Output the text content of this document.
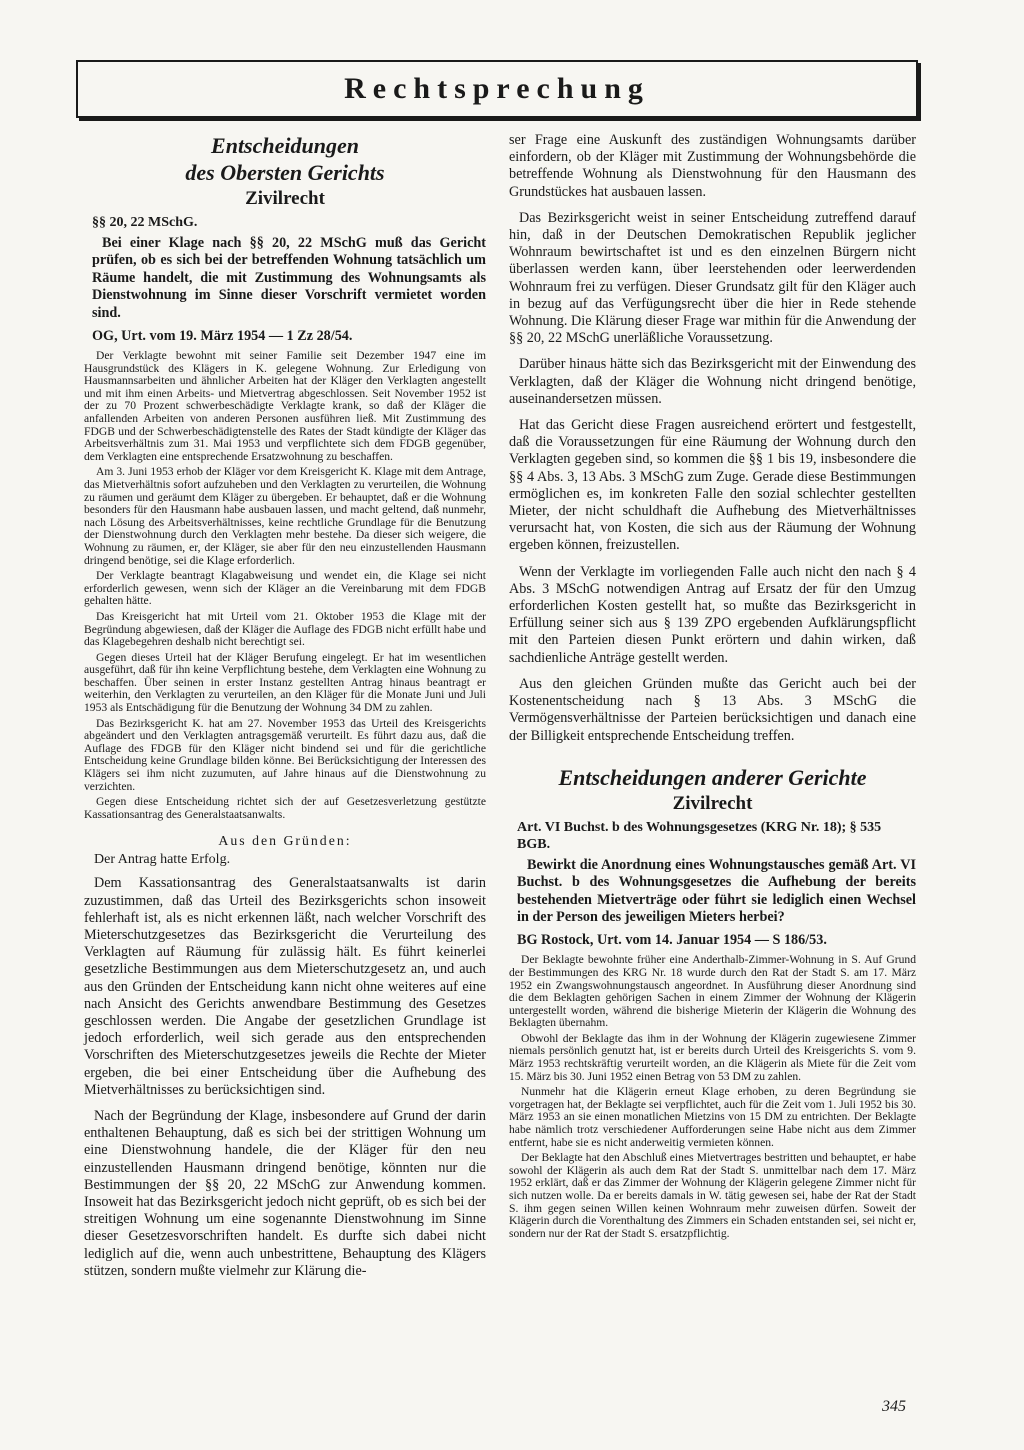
Rechtsprechung

Entscheidungen

des Obersten Gerichts

Zivilrecht

§§ 20, 22 MSchG.

Bei einer Klage nach §§ 20, 22 MSchG muß das Gericht prüfen, ob es sich bei der betreffenden Wohnung tatsächlich um Räume handelt, die mit Zustimmung des Wohnungsamts als Dienstwohnung im Sinne dieser Vorschrift vermietet worden sind.

OG, Urt. vom 19. März 1954 — 1 Zz 28/54.

Der Verklagte bewohnt mit seiner Familie seit Dezember 1947 eine im Hausgrundstück des Klägers in K. gelegene Wohnung. Zur Erledigung von Hausmannsarbeiten und ähnlicher Arbeiten hat der Kläger den Verklagten angestellt und mit ihm einen Arbeits- und Mietvertrag abgeschlossen. Seit November 1952 ist der zu 70 Prozent schwerbeschädigte Verklagte krank, so daß der Kläger die anfallenden Arbeiten von anderen Personen ausführen ließ. Mit Zustimmung des FDGB und der Schwerbeschädigtenstelle des Rates der Stadt kündigte der Kläger das Arbeitsverhältnis zum 31. Mai 1953 und verpflichtete sich dem FDGB gegenüber, dem Verklagten eine entsprechende Ersatzwohnung zu beschaffen.

Am 3. Juni 1953 erhob der Kläger vor dem Kreisgericht K. Klage mit dem Antrage, das Mietverhältnis sofort aufzuheben und den Verklagten zu verurteilen, die Wohnung zu räumen und geräumt dem Kläger zu übergeben. Er behauptet, daß er die Wohnung besonders für den Hausmann habe ausbauen lassen, und macht geltend, daß nunmehr, nach Lösung des Arbeitsverhältnisses, keine rechtliche Grundlage für die Benutzung der Dienstwohnung durch den Verklagten mehr bestehe. Da dieser sich weigere, die Wohnung zu räumen, er, der Kläger, sie aber für den neu einzustellenden Hausmann dringend benötige, sei die Klage erforderlich.

Der Verklagte beantragt Klagabweisung und wendet ein, die Klage sei nicht erforderlich gewesen, wenn sich der Kläger an die Vereinbarung mit dem FDGB gehalten hätte.

Das Kreisgericht hat mit Urteil vom 21. Oktober 1953 die Klage mit der Begründung abgewiesen, daß der Kläger die Auflage des FDGB nicht erfüllt habe und das Klagebegehren deshalb nicht berechtigt sei.

Gegen dieses Urteil hat der Kläger Berufung eingelegt. Er hat im wesentlichen ausgeführt, daß für ihn keine Verpflichtung bestehe, dem Verklagten eine Wohnung zu beschaffen. Über seinen in erster Instanz gestellten Antrag hinaus beantragt er weiterhin, den Verklagten zu verurteilen, an den Kläger für die Monate Juni und Juli 1953 als Entschädigung für die Benutzung der Wohnung 34 DM zu zahlen.

Das Bezirksgericht K. hat am 27. November 1953 das Urteil des Kreisgerichts abgeändert und den Verklagten antragsgemäß verurteilt. Es führt dazu aus, daß die Auflage des FDGB für den Kläger nicht bindend sei und für die gerichtliche Entscheidung keine Grundlage bilden könne. Bei Berücksichtigung der Interessen des Klägers sei ihm nicht zuzumuten, auf Jahre hinaus auf die Dienstwohnung zu verzichten.

Gegen diese Entscheidung richtet sich der auf Gesetzesverletzung gestützte Kassationsantrag des Generalstaatsanwalts.

Aus den Gründen:

Der Antrag hatte Erfolg.

Dem Kassationsantrag des Generalstaatsanwalts ist darin zuzustimmen, daß das Urteil des Bezirksgerichts schon insoweit fehlerhaft ist, als es nicht erkennen läßt, nach welcher Vorschrift des Mieterschutzgesetzes das Bezirksgericht die Verurteilung des Verklagten auf Räumung für zulässig hält. Es führt keinerlei gesetzliche Bestimmungen aus dem Mieterschutzgesetz an, und auch aus den Gründen der Entscheidung kann nicht ohne weiteres auf eine nach Ansicht des Gerichts anwendbare Bestimmung des Gesetzes geschlossen werden. Die Angabe der gesetzlichen Grundlage ist jedoch erforderlich, weil sich gerade aus den entsprechenden Vorschriften des Mieterschutzgesetzes jeweils die Rechte der Mieter ergeben, die bei einer Entscheidung über die Aufhebung des Mietverhältnisses zu berücksichtigen sind.

Nach der Begründung der Klage, insbesondere auf Grund der darin enthaltenen Behauptung, daß es sich bei der strittigen Wohnung um eine Dienstwohnung handele, die der Kläger für den neu einzustellenden Hausmann dringend benötige, könnten nur die Bestimmungen der §§ 20, 22 MSchG zur Anwendung kommen. Insoweit hat das Bezirksgericht jedoch nicht geprüft, ob es sich bei der streitigen Wohnung um eine sogenannte Dienstwohnung im Sinne dieser Gesetzesvorschriften handelt. Es durfte sich dabei nicht lediglich auf die, wenn auch unbestrittene, Behauptung des Klägers stützen, sondern mußte vielmehr zur Klärung die-

ser Frage eine Auskunft des zuständigen Wohnungsamts darüber einfordern, ob der Kläger mit Zustimmung der Wohnungsbehörde die betreffende Wohnung als Dienstwohnung für den Hausmann des Grundstückes hat ausbauen lassen.

Das Bezirksgericht weist in seiner Entscheidung zutreffend darauf hin, daß in der Deutschen Demokratischen Republik jeglicher Wohnraum bewirtschaftet ist und es den einzelnen Bürgern nicht überlassen werden kann, über leerstehenden oder leerwerdenden Wohnraum frei zu verfügen. Dieser Grundsatz gilt für den Kläger auch in bezug auf das Verfügungsrecht über die hier in Rede stehende Wohnung. Die Klärung dieser Frage war mithin für die Anwendung der §§ 20, 22 MSchG unerläßliche Voraussetzung.

Darüber hinaus hätte sich das Bezirksgericht mit der Einwendung des Verklagten, daß der Kläger die Wohnung nicht dringend benötige, auseinandersetzen müssen.

Hat das Gericht diese Fragen ausreichend erörtert und festgestellt, daß die Voraussetzungen für eine Räumung der Wohnung durch den Verklagten gegeben sind, so kommen die §§ 1 bis 19, insbesondere die §§ 4 Abs. 3, 13 Abs. 3 MSchG zum Zuge. Gerade diese Bestimmungen ermöglichen es, im konkreten Falle den sozial schlechter gestellten Mieter, der nicht schuldhaft die Aufhebung des Mietverhältnisses verursacht hat, von Kosten, die sich aus der Räumung der Wohnung ergeben können, freizustellen.

Wenn der Verklagte im vorliegenden Falle auch nicht den nach § 4 Abs. 3 MSchG notwendigen Antrag auf Ersatz der für den Umzug erforderlichen Kosten gestellt hat, so mußte das Bezirksgericht in Erfüllung seiner sich aus § 139 ZPO ergebenden Aufklärungspflicht mit den Parteien diesen Punkt erörtern und dahin wirken, daß sachdienliche Anträge gestellt werden.

Aus den gleichen Gründen mußte das Gericht auch bei der Kostenentscheidung nach § 13 Abs. 3 MSchG die Vermögensverhältnisse der Parteien berücksichtigen und danach eine der Billigkeit entsprechende Entscheidung treffen.

Entscheidungen anderer Gerichte

Zivilrecht

Art. VI Buchst. b des Wohnungsgesetzes (KRG Nr. 18); § 535 BGB.

Bewirkt die Anordnung eines Wohnungstausches gemäß Art. VI Buchst. b des Wohnungsgesetzes die Aufhebung der bereits bestehenden Mietverträge oder führt sie lediglich einen Wechsel in der Person des jeweiligen Mieters herbei?

BG Rostock, Urt. vom 14. Januar 1954 — S 186/53.

Der Beklagte bewohnte früher eine Anderthalb-Zimmer-Wohnung in S. Auf Grund der Bestimmungen des KRG Nr. 18 wurde durch den Rat der Stadt S. am 17. März 1952 ein Zwangswohnungstausch angeordnet. In Ausführung dieser Anordnung sind die dem Beklagten gehörigen Sachen in einem Zimmer der Wohnung der Klägerin untergestellt worden, während die bisherige Mieterin der Klägerin die Wohnung des Beklagten übernahm.

Obwohl der Beklagte das ihm in der Wohnung der Klägerin zugewiesene Zimmer niemals persönlich genutzt hat, ist er bereits durch Urteil des Kreisgerichts S. vom 9. März 1953 rechtskräftig verurteilt worden, an die Klägerin als Miete für die Zeit vom 15. März bis 30. Juni 1952 einen Betrag von 53 DM zu zahlen.

Nunmehr hat die Klägerin erneut Klage erhoben, zu deren Begründung sie vorgetragen hat, der Beklagte sei verpflichtet, auch für die Zeit vom 1. Juli 1952 bis 30. März 1953 an sie einen monatlichen Mietzins von 15 DM zu entrichten. Der Beklagte habe nämlich trotz verschiedener Aufforderungen seine Habe nicht aus dem Zimmer entfernt, habe sie es nicht anderweitig vermieten können.

Der Beklagte hat den Abschluß eines Mietvertrages bestritten und behauptet, er habe sowohl der Klägerin als auch dem Rat der Stadt S. unmittelbar nach dem 17. März 1952 erklärt, daß er das Zimmer der Wohnung der Klägerin gelegene Zimmer nicht für sich nutzen wolle. Da er bereits damals in W. tätig gewesen sei, habe der Rat der Stadt S. ihm gegen seinen Willen keinen Wohnraum mehr zuweisen dürfen. Soweit der Klägerin durch die Vorenthaltung des Zimmers ein Schaden entstanden sei, sei nicht er, sondern nur der Rat der Stadt S. ersatzpflichtig.

345
